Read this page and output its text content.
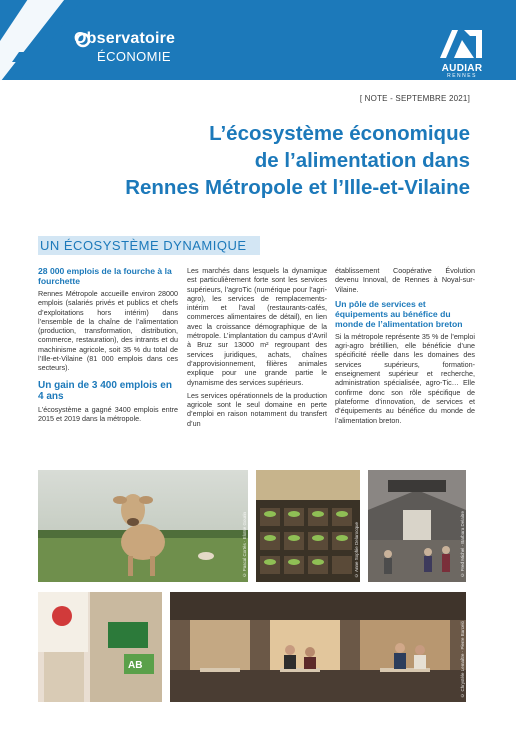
Observatoire
ÉCONOMIE
AUDIAR
RENNES
[ NOTE - SEPTEMBRE 2021]
L’écosystème économique
de l’alimentation dans
Rennes Métropole et l’Ille-et-Vilaine
UN ÉCOSYSTÈME DYNAMIQUE
28 000 emplois de la fourche à la fourchette

Rennes Métropole accueille environ 28000 emplois (salariés privés et publics et chefs d’exploitations hors intérim) dans l’ensemble de la chaîne de l’alimentation (production, transformation, distribution, commerce, restauration), des intrants et du machinisme agricole, soit 35 % du total de l’Ille-et-Vilaine (81 000 emplois dans ces secteurs).

Un gain de 3 400 emplois en 4 ans

L’écosystème a gagné 3400 emplois entre 2015 et 2019 dans la métropole.

Les marchés dans lesquels la dynamique est particulièrement forte sont les services supérieurs, l’agroTic (numérique pour l’agri-agro), les services de remplacements-intérim et l’aval (restaurants-cafés, commerces alimentaires de détail), en lien avec la croissance démographique de la métropole. L’implantation du campus d’Avril à Bruz sur 13000 m² regroupant des services juridiques, achats, chaînes d’approvisionnement, filières animales explique pour une grande partie le dynamisme des services supérieurs.

Les services opérationnels de la production agricole sont le seul domaine en perte d’emploi en raison notamment du transfert d’un

établissement Coopérative Évolution devenu Innoval, de Rennes à Noyal-sur-Vilaine.

Un pôle de services et équipements au bénéfice du monde de l’alimentation breton

Si la métropole représente 35 % de l’emploi agri-agro brétillien, elle bénéficie d’une spécificité réelle dans les domaines des services supérieurs, formation-enseignement supérieur et recherche, administration spécialisée, agro-Tic… Elle confirme donc son rôle spécifique de plateforme d’innovation, de services et d’équipements au bénéfice du monde de l’alimentation breton.

© Pascal Cortès · Eloïse Gourin	© Anne Sophie Delarocque	© Fred Michel · Barbara Delaitre
AB	© Chrystèle Lemaître · Pierre Barceló
